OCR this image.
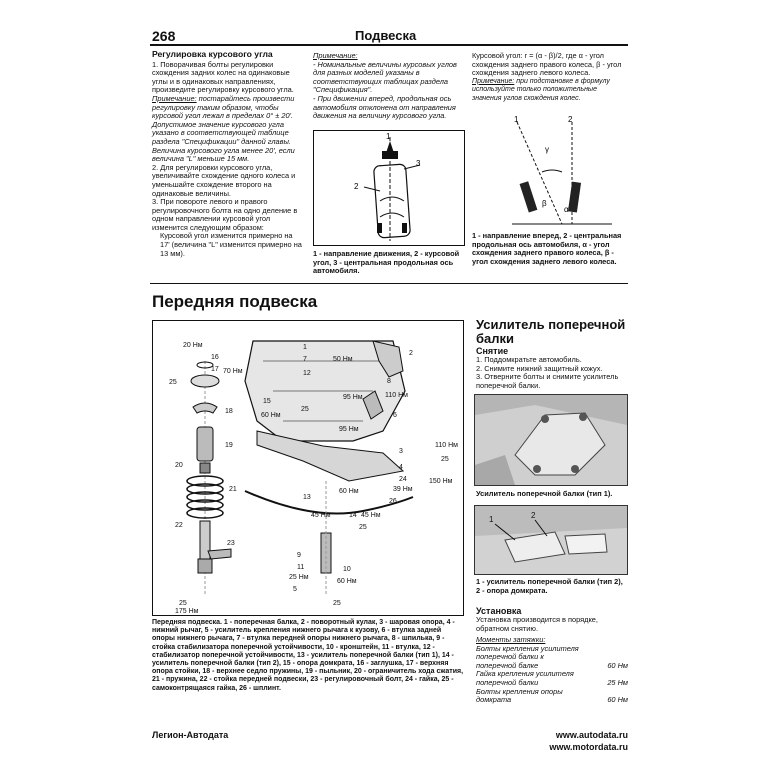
268	Подвеска
Регулировка курсового угла

1. Поворачивая болты регулировки схождения задних колес на одинаковые углы и в одинаковых направлениях, произведите регулировку курсового угла.

Примечание: постарайтесь произвести регулировку таким образом, чтобы курсовой угол лежал в пределах 0° ± 20'. Допустимое значение курсового угла указано в соответствующей таблице раздела "Спецификации" данной главы.

Величина курсового угла менее 20', если величина "L" меньше 15 мм.

2. Для регулировки курсового угла, увеличивайте схождение одного колеса и уменьшайте схождение второго на одинаковые величины.

3. При повороте левого и правого регулировочного болта на одно деление в одном направлении курсовой угол изменится следующим образом:

Курсовой угол изменится примерно на 17' (величина "L" изменится примерно на 13 мм).

Примечание:

- Номинальные величины курсовых углов для разных моделей указаны в соответствующих таблицах раздела "Спецификация".

- При движении вперед, продольная ось автомобиля отклонена от направления движения на величину курсового угла.

3
2
1
1 - направление движения, 2 - курсовой угол, 3 - центральная продольная ось автомобиля.

Курсовой угол: r = (α - β)/2, где α - угол схождения заднего правого колеса, β - угол схождения заднего левого колеса.

Примечание: при подстановке в формулу используйте только положительные значения углов схождения колес.

1	2
γ
β
α
1 - направление вперед, 2 - центральная продольная ось автомобиля, α - угол схождения заднего правого колеса, β - угол схождения заднего левого колеса.
Передняя подвеска
20 Нм
16
17 70 Нм
25
18
19
20
21
22
23
25
175 Нм
15
1
7	50 Нм
2
12
8
110 Нм
95 Нм
6
60 Нм
95 Нм
25
3
110 Нм
4
25
24
39 Нм
150 Нм
13
60 Нм
26
14
45 Нм	45 Нм
25
9
11	10
25 Нм
60 Нм
25
5
Передняя подвеска. 1 - поперечная балка, 2 - поворотный кулак, 3 - шаровая опора, 4 - нижний рычаг, 5 - усилитель крепления нижнего рычага к кузову, 6 - втулка задней опоры нижнего рычага, 7 - втулка передней опоры нижнего рычага, 8 - шпилька, 9 - стойка стабилизатора поперечной устойчивости, 10 - кронштейн, 11 - втулка, 12 - стабилизатор поперечной устойчивости, 13 - усилитель поперечной балки (тип 1), 14 - усилитель поперечной балки (тип 2), 15 - опора домкрата, 16 - заглушка, 17 - верхняя опора стойки, 18 - верхнее седло пружины, 19 - пыльник, 20 - ограничитель хода сжатия, 21 - пружина, 22 - стойка передней подвески, 23 - регулировочный болт, 24 - гайка, 25 - самоконтрящаяся гайка, 26 - шплинт.
Усилитель поперечной балки
Снятие

1. Поддомкратьте автомобиль.

2. Снимите нижний защитный кожух.

3. Отверните болты и снимите усилитель поперечной балки.

Усилитель поперечной балки (тип 1).
1	2
1 - усилитель поперечной балки (тип 2), 2 - опора домкрата.
Установка
Установка производится в порядке, обратном снятию.

Моменты затяжки:

Болты крепления усилителя поперечной балки к поперечной балке	60 Нм
Гайка крепления усилителя поперечной балки	25 Нм
Болты крепления опоры домкрата	60 Нм
Легион-Автодата	www.autodata.ru
www.motordata.ru
